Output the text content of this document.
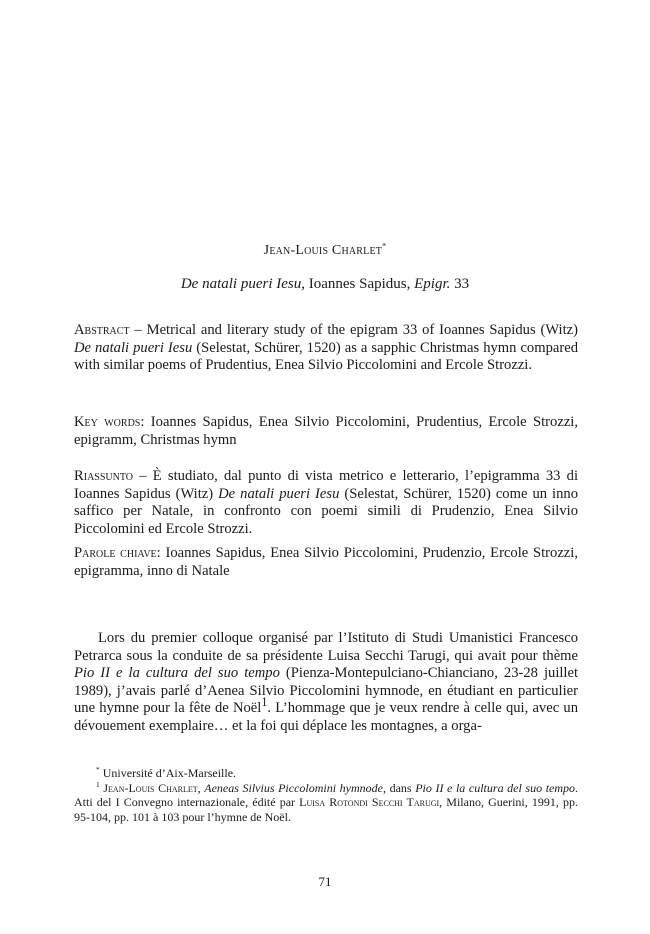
Jean-Louis Charlet*
De natali pueri Iesu, Ioannes Sapidus, Epigr. 33
Abstract – Metrical and literary study of the epigram 33 of Ioannes Sapidus (Witz) De natali pueri Iesu (Selestat, Schürer, 1520) as a sapphic Christmas hymn compared with similar poems of Prudentius, Enea Silvio Piccolomini and Ercole Strozzi.
Key words: Ioannes Sapidus, Enea Silvio Piccolomini, Prudentius, Ercole Strozzi, epigramm, Christmas hymn
Riassunto – È studiato, dal punto di vista metrico e letterario, l’epigramma 33 di Ioannes Sapidus (Witz) De natali pueri Iesu (Selestat, Schürer, 1520) come un inno saffico per Natale, in confronto con poemi simili di Prudenzio, Enea Silvio Piccolomini ed Ercole Strozzi.
Parole chiave: Ioannes Sapidus, Enea Silvio Piccolomini, Prudenzio, Ercole Strozzi, epigramma, inno di Natale

Lors du premier colloque organisé par l’Istituto di Studi Umanistici Francesco Petrarca sous la conduite de sa présidente Luisa Secchi Tarugi, qui avait pour thème Pio II e la cultura del suo tempo (Pienza-Montepulciano-Chianciano, 23-28 juillet 1989), j’avais parlé d’Aenea Silvio Piccolomini hymnode, en étudiant en particulier une hymne pour la fête de Noël$^1$. L’hommage que je veux rendre à celle qui, avec un dévouement exemplaire… et la foi qui déplace les montagnes, a orga-

* Université d’Aix-Marseille.

$^1$ Jean-Louis Charlet, Aeneas Silvius Piccolomini hymnode, dans Pio II e la cultura del suo tempo. Atti del I Convegno internazionale, édité par Luisa Rotondi Secchi Tarugi, Milano, Guerini, 1991, pp. 95-104, pp. 101 à 103 pour l’hymne de Noël.

71
